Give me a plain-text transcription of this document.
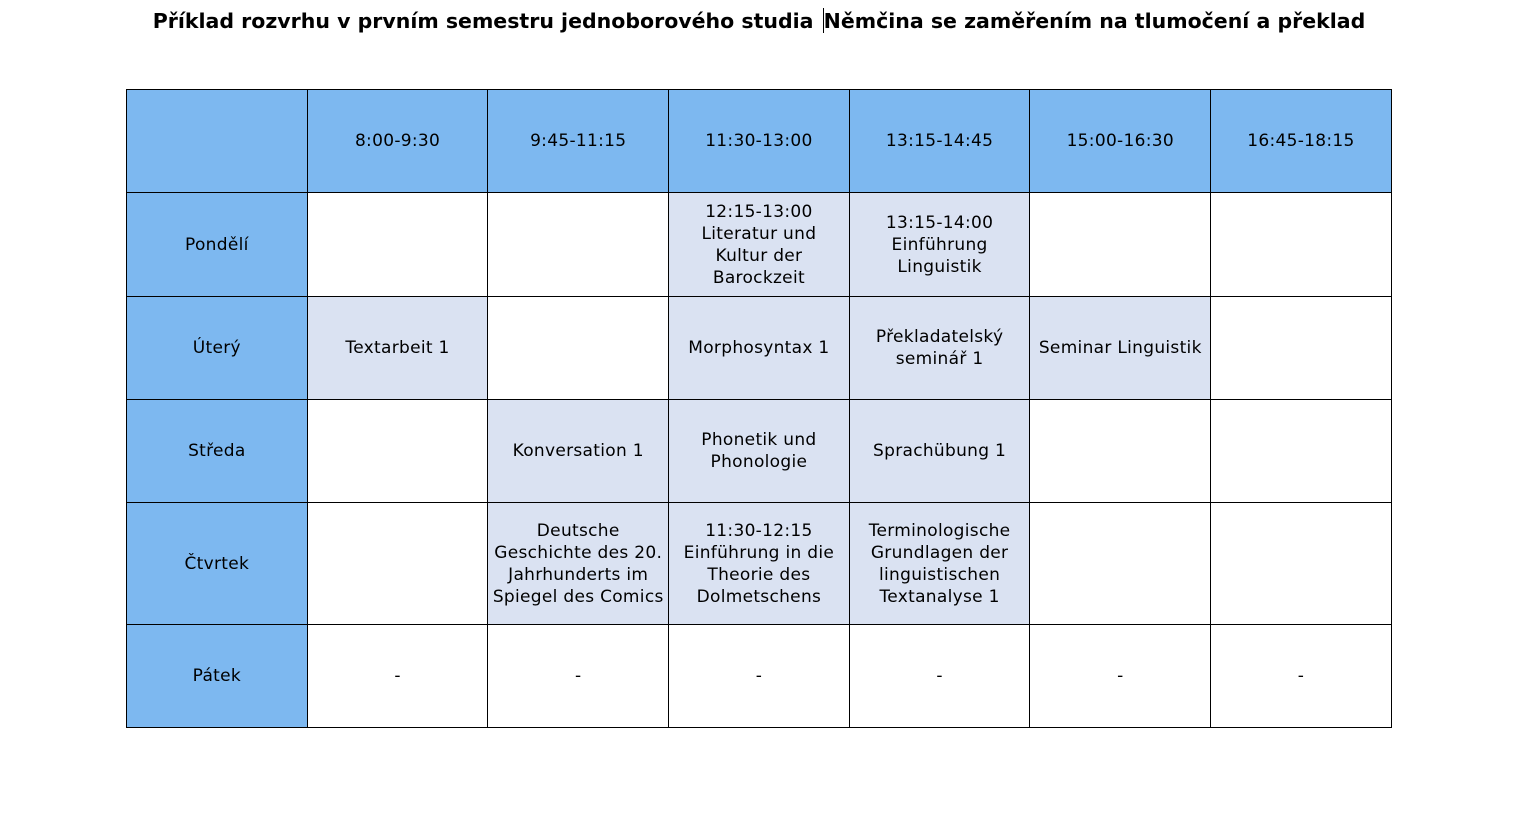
Příklad rozvrhu v prvním semestru jednoborového studia Němčina se zaměřením na tlumočení a překlad
	8:00-9:30	9:45-11:15	11:30-13:00	13:15-14:45	15:00-16:30	16:45-18:15
Pondělí			12:15-13:00 Literatur und Kultur der Barockzeit	13:15-14:00 Einführung Linguistik		
Úterý	Textarbeit 1		Morphosyntax 1	Překladatelský seminář 1	Seminar Linguistik	
Středa		Konversation 1	Phonetik und Phonologie	Sprachübung 1		
Čtvrtek		Deutsche Geschichte des 20. Jahrhunderts im Spiegel des Comics	11:30-12:15 Einführung in die Theorie des Dolmetschens	Terminologische Grundlagen der linguistischen Textanalyse 1		
Pátek	-	-	-	-	-	-
